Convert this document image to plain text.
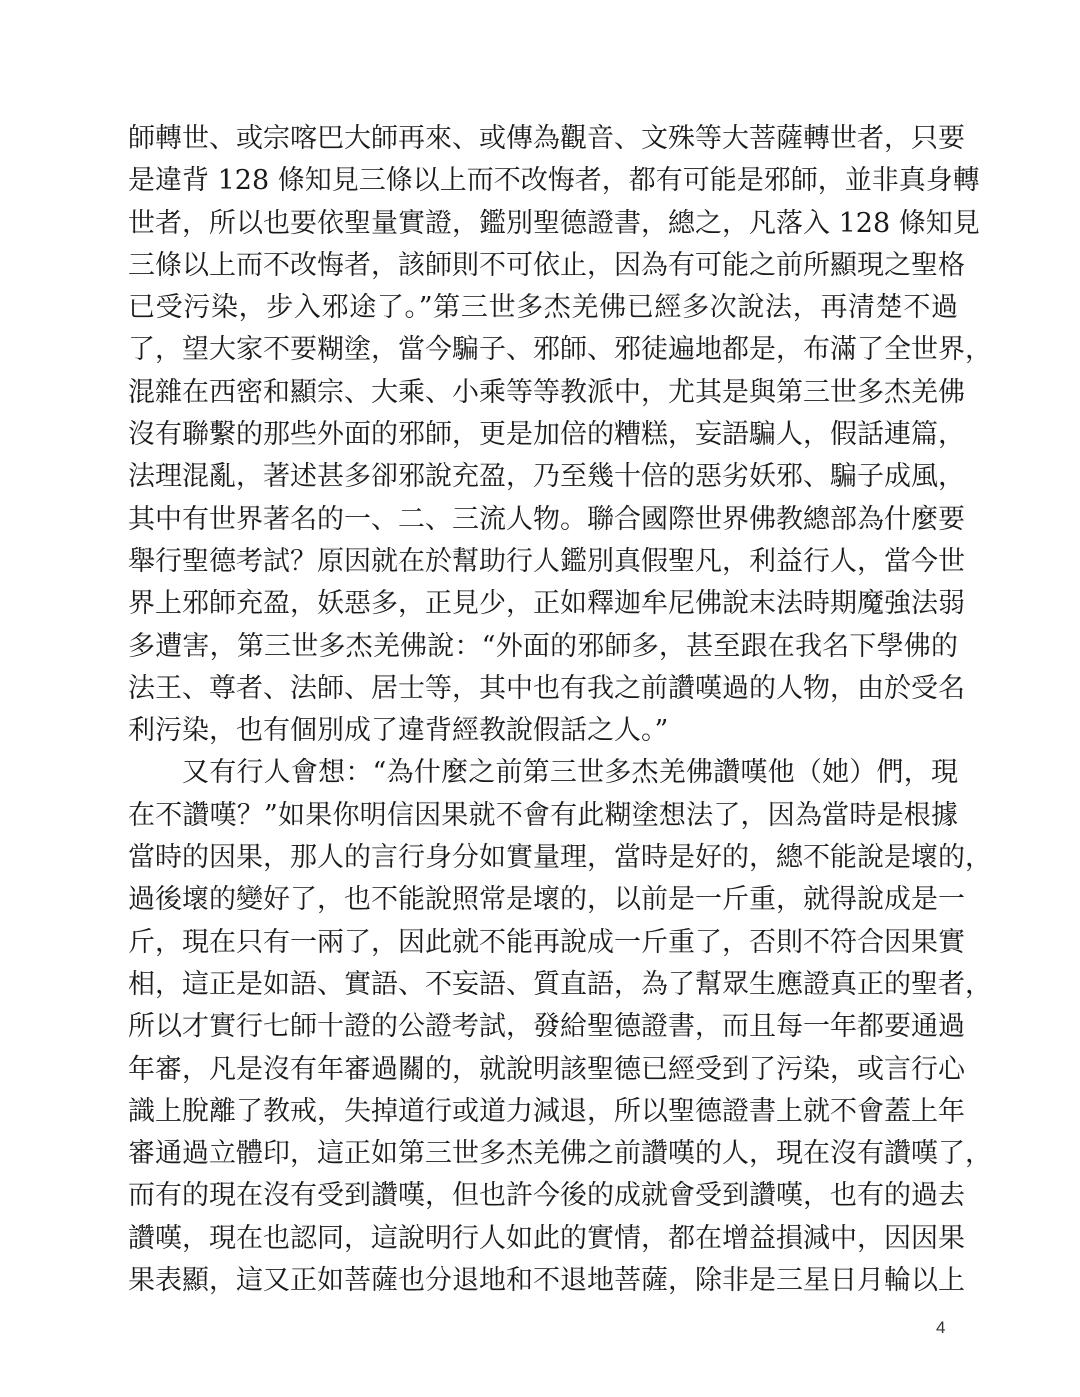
師轉世、或宗喀巴大師再來、或傳為觀音、文殊等大菩薩轉世者，只要
是違背 128 條知見三條以上而不改悔者，都有可能是邪師，並非真身轉
世者，所以也要依聖量實證，鑑別聖德證書，總之，凡落入 128 條知見
三條以上而不改悔者，該師則不可依止，因為有可能之前所顯現之聖格
已受污染，步入邪途了。”第三世多杰羌佛已經多次說法，再清楚不過
了，望大家不要糊塗，當今騙子、邪師、邪徒遍地都是，布滿了全世界，
混雜在西密和顯宗、大乘、小乘等等教派中，尤其是與第三世多杰羌佛
沒有聯繫的那些外面的邪師，更是加倍的糟糕，妄語騙人，假話連篇，
法理混亂，著述甚多卻邪說充盈，乃至幾十倍的惡劣妖邪、騙子成風，
其中有世界著名的一、二、三流人物。聯合國際世界佛教總部為什麼要
舉行聖德考試？原因就在於幫助行人鑑別真假聖凡，利益行人，當今世
界上邪師充盈，妖惡多，正見少，正如釋迦牟尼佛說末法時期魔強法弱
多遭害，第三世多杰羌佛說：“外面的邪師多，甚至跟在我名下學佛的
法王、尊者、法師、居士等，其中也有我之前讚嘆過的人物，由於受名
利污染，也有個別成了違背經教說假話之人。”
又有行人會想：“為什麼之前第三世多杰羌佛讚嘆他（她）們，現
在不讚嘆？”如果你明信因果就不會有此糊塗想法了，因為當時是根據
當時的因果，那人的言行身分如實量理，當時是好的，總不能說是壞的，
過後壞的變好了，也不能說照常是壞的，以前是一斤重，就得說成是一
斤，現在只有一兩了，因此就不能再說成一斤重了，否則不符合因果實
相，這正是如語、實語、不妄語、質直語，為了幫眾生應證真正的聖者，
所以才實行七師十證的公證考試，發給聖德證書，而且每一年都要通過
年審，凡是沒有年審過關的，就說明該聖德已經受到了污染，或言行心
識上脫離了教戒，失掉道行或道力減退，所以聖德證書上就不會蓋上年
審通過立體印，這正如第三世多杰羌佛之前讚嘆的人，現在沒有讚嘆了，
而有的現在沒有受到讚嘆，但也許今後的成就會受到讚嘆，也有的過去
讚嘆，現在也認同，這說明行人如此的實情，都在增益損減中，因因果
果表顯，這又正如菩薩也分退地和不退地菩薩，除非是三星日月輪以上
4
